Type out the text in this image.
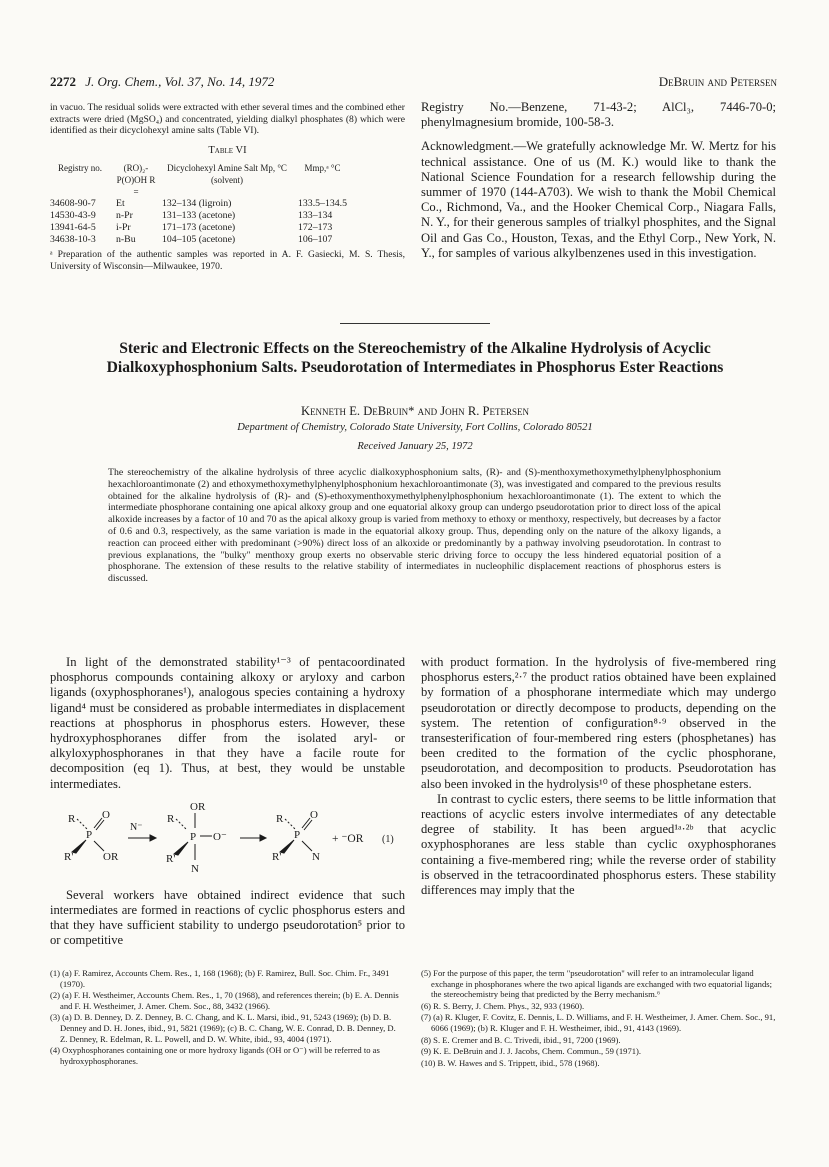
2272 J. Org. Chem., Vol. 37, No. 14, 1972	DeBruin and Petersen
in vacuo. The residual solids were extracted with ether several times and the combined ether extracts were dried (MgSO₄) and concentrated, yielding dialkyl phosphates (8) which were identified as their dicyclohexyl amine salts (Table VI).
Table VI
Registry no.	(RO)₂-P(O)OH R =	Dicyclohexyl Amine Salt Mp, °C (solvent)	Mmp,ᵃ °C
34608-90-7	Et	132–134 (ligroin)	133.5–134.5
14530-43-9	n-Pr	131–133 (acetone)	133–134
13941-64-5	i-Pr	171–173 (acetone)	172–173
34638-10-3	n-Bu	104–105 (acetone)	106–107
ᵃ Preparation of the authentic samples was reported in A. F. Gasiecki, M. S. Thesis, University of Wisconsin—Milwaukee, 1970.
Registry No.—Benzene, 71-43-2; AlCl₃, 7446-70-0; phenylmagnesium bromide, 100-58-3.
Acknowledgment.—We gratefully acknowledge Mr. W. Mertz for his technical assistance. One of us (M. K.) would like to thank the National Science Foundation for a research fellowship during the summer of 1970 (144-A703). We wish to thank the Mobil Chemical Co., Richmond, Va., and the Hooker Chemical Corp., Niagara Falls, N. Y., for their generous samples of trialkyl phosphites, and the Signal Oil and Gas Co., Houston, Texas, and the Ethyl Corp., New York, N. Y., for samples of various alkylbenzenes used in this investigation.
Steric and Electronic Effects on the Stereochemistry of the Alkaline Hydrolysis of Acyclic Dialkoxyphosphonium Salts. Pseudorotation of Intermediates in Phosphorus Ester Reactions
Kenneth E. DeBruin* and John R. Petersen
Department of Chemistry, Colorado State University, Fort Collins, Colorado 80521
Received January 25, 1972
The stereochemistry of the alkaline hydrolysis of three acyclic dialkoxyphosphonium salts, (R)- and (S)-menthoxymethoxymethylphenylphosphonium hexachloroantimonate (2) and ethoxymethoxymethylphenylphosphonium hexachloroantimonate (3), was investigated and compared to the previous results obtained for the alkaline hydrolysis of (R)- and (S)-ethoxymenthoxymethylphenylphosphonium hexachloroantimonate (1). The extent to which the intermediate phosphorane containing one apical alkoxy group and one equatorial alkoxy group can undergo pseudorotation prior to direct loss of the apical alkoxide increases by a factor of 10 and 70 as the apical alkoxy group is varied from methoxy to ethoxy or menthoxy, respectively, but decreases by a factor of 0.6 and 0.3, respectively, as the same variation is made in the equatorial alkoxy group. Thus, depending only on the nature of the alkoxy ligands, a reaction can proceed either with predominant (>90%) direct loss of an alkoxide or predominantly by a pathway involving pseudorotation. In contrast to previous explanations, the "bulky" menthoxy group exerts no observable steric driving force to occupy the less hindered equatorial position of a phosphorane. The extension of these results to the relative stability of intermediates in nucleophilic displacement reactions of phosphorus esters is discussed.
In light of the demonstrated stability¹⁻³ of pentacoordinated phosphorus compounds containing alkoxy or aryloxy and carbon ligands (oxyphosphoranes¹), analogous species containing a hydroxy ligand⁴ must be considered as probable intermediates in displacement reactions at phosphorus in phosphorus esters. However, these hydroxyphosphoranes differ from the isolated aryl- or alkyloxyphosphoranes in that they have a facile route for decomposition (eq 1). Thus, at best, they would be unstable intermediates.
R
P
O
R'	OR
N⁻
R
OR
P O⁻
R'
N
R
P
O
R'	N
+ ⁻OR (1)
Several workers have obtained indirect evidence that such intermediates are formed in reactions of cyclic phosphorus esters and that they have sufficient stability to undergo pseudorotation⁵ prior to or competitive
with product formation. In the hydrolysis of five-membered ring phosphorus esters,²·⁷ the product ratios obtained have been explained by formation of a phosphorane intermediate which may undergo pseudorotation or directly decompose to products, depending on the system. The retention of configuration⁸·⁹ observed in the transesterification of four-membered ring esters (phosphetanes) has been credited to the formation of the cyclic phosphorane, pseudorotation, and decomposition to products. Pseudorotation has also been invoked in the hydrolysis¹⁰ of these phosphetane esters.
In contrast to cyclic esters, there seems to be little information that reactions of acyclic esters involve intermediates of any detectable degree of stability. It has been argued¹ᵃ·²ᵇ that acyclic oxyphosphoranes are less stable than cyclic oxyphosphoranes containing a five-membered ring; while the reverse order of stability is observed in the tetracoordinated phosphorus esters. These stability differences may imply that the
(1) (a) F. Ramirez, Accounts Chem. Res., 1, 168 (1968); (b) F. Ramirez, Bull. Soc. Chim. Fr., 3491 (1970).
(2) (a) F. H. Westheimer, Accounts Chem. Res., 1, 70 (1968), and references therein; (b) E. A. Dennis and F. H. Westheimer, J. Amer. Chem. Soc., 88, 3432 (1966).
(3) (a) D. B. Denney, D. Z. Denney, B. C. Chang, and K. L. Marsi, ibid., 91, 5243 (1969); (b) D. B. Denney and D. H. Jones, ibid., 91, 5821 (1969); (c) B. C. Chang, W. E. Conrad, D. B. Denney, D. Z. Denney, R. Edelman, R. L. Powell, and D. W. White, ibid., 93, 4004 (1971).
(4) Oxyphosphoranes containing one or more hydroxy ligands (OH or O⁻) will be referred to as hydroxyphosphoranes.
(5) For the purpose of this paper, the term "pseudorotation" will refer to an intramolecular ligand exchange in phosphoranes where the two apical ligands are exchanged with two equatorial ligands; the stereochemistry being that predicted by the Berry mechanism.⁶
(6) R. S. Berry, J. Chem. Phys., 32, 933 (1960).
(7) (a) R. Kluger, F. Covitz, E. Dennis, L. D. Williams, and F. H. Westheimer, J. Amer. Chem. Soc., 91, 6066 (1969); (b) R. Kluger and F. H. Westheimer, ibid., 91, 4143 (1969).
(8) S. E. Cremer and B. C. Trivedi, ibid., 91, 7200 (1969).
(9) K. E. DeBruin and J. J. Jacobs, Chem. Commun., 59 (1971).
(10) B. W. Hawes and S. Trippett, ibid., 578 (1968).
